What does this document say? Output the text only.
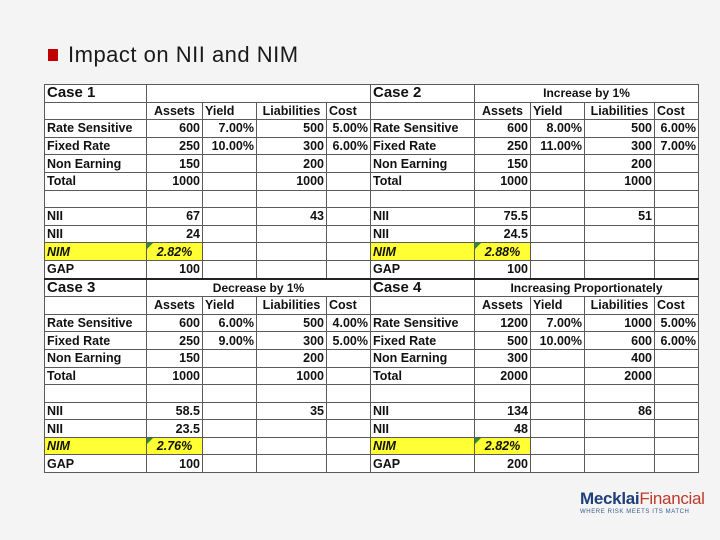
Impact on NII and NIM
Case 1					Case 2	Increase by 1%			
	Assets	Yield	Liabilities	Cost		Assets	Yield	Liabilities	Cost
Rate Sensitive	600	7.00%	500	5.00%	Rate Sensitive	600	8.00%	500	6.00%
Fixed Rate	250	10.00%	300	6.00%	Fixed Rate	250	11.00%	300	7.00%
Non Earning	150		200		Non Earning	150		200	
Total	1000		1000		Total	1000		1000	

NII	67		43		NII	75.5		51	
NII	24				NII	24.5			
NIM	2.82%				NIM	2.88%			
GAP	100				GAP	100			
Case 3	Decrease by 1%				Case 4	Increasing Proportionately			
	Assets	Yield	Liabilities	Cost		Assets	Yield	Liabilities	Cost
Rate Sensitive	600	6.00%	500	4.00%	Rate Sensitive	1200	7.00%	1000	5.00%
Fixed Rate	250	9.00%	300	5.00%	Fixed Rate	500	10.00%	600	6.00%
Non Earning	150		200		Non Earning	300		400	
Total	1000		1000		Total	2000		2000	

NII	58.5		35		NII	134		86	
NII	23.5				NII	48			
NIM	2.76%				NIM	2.82%			
GAP	100				GAP	200			
MecklaiFinancial
WHERE RISK MEETS ITS MATCH
